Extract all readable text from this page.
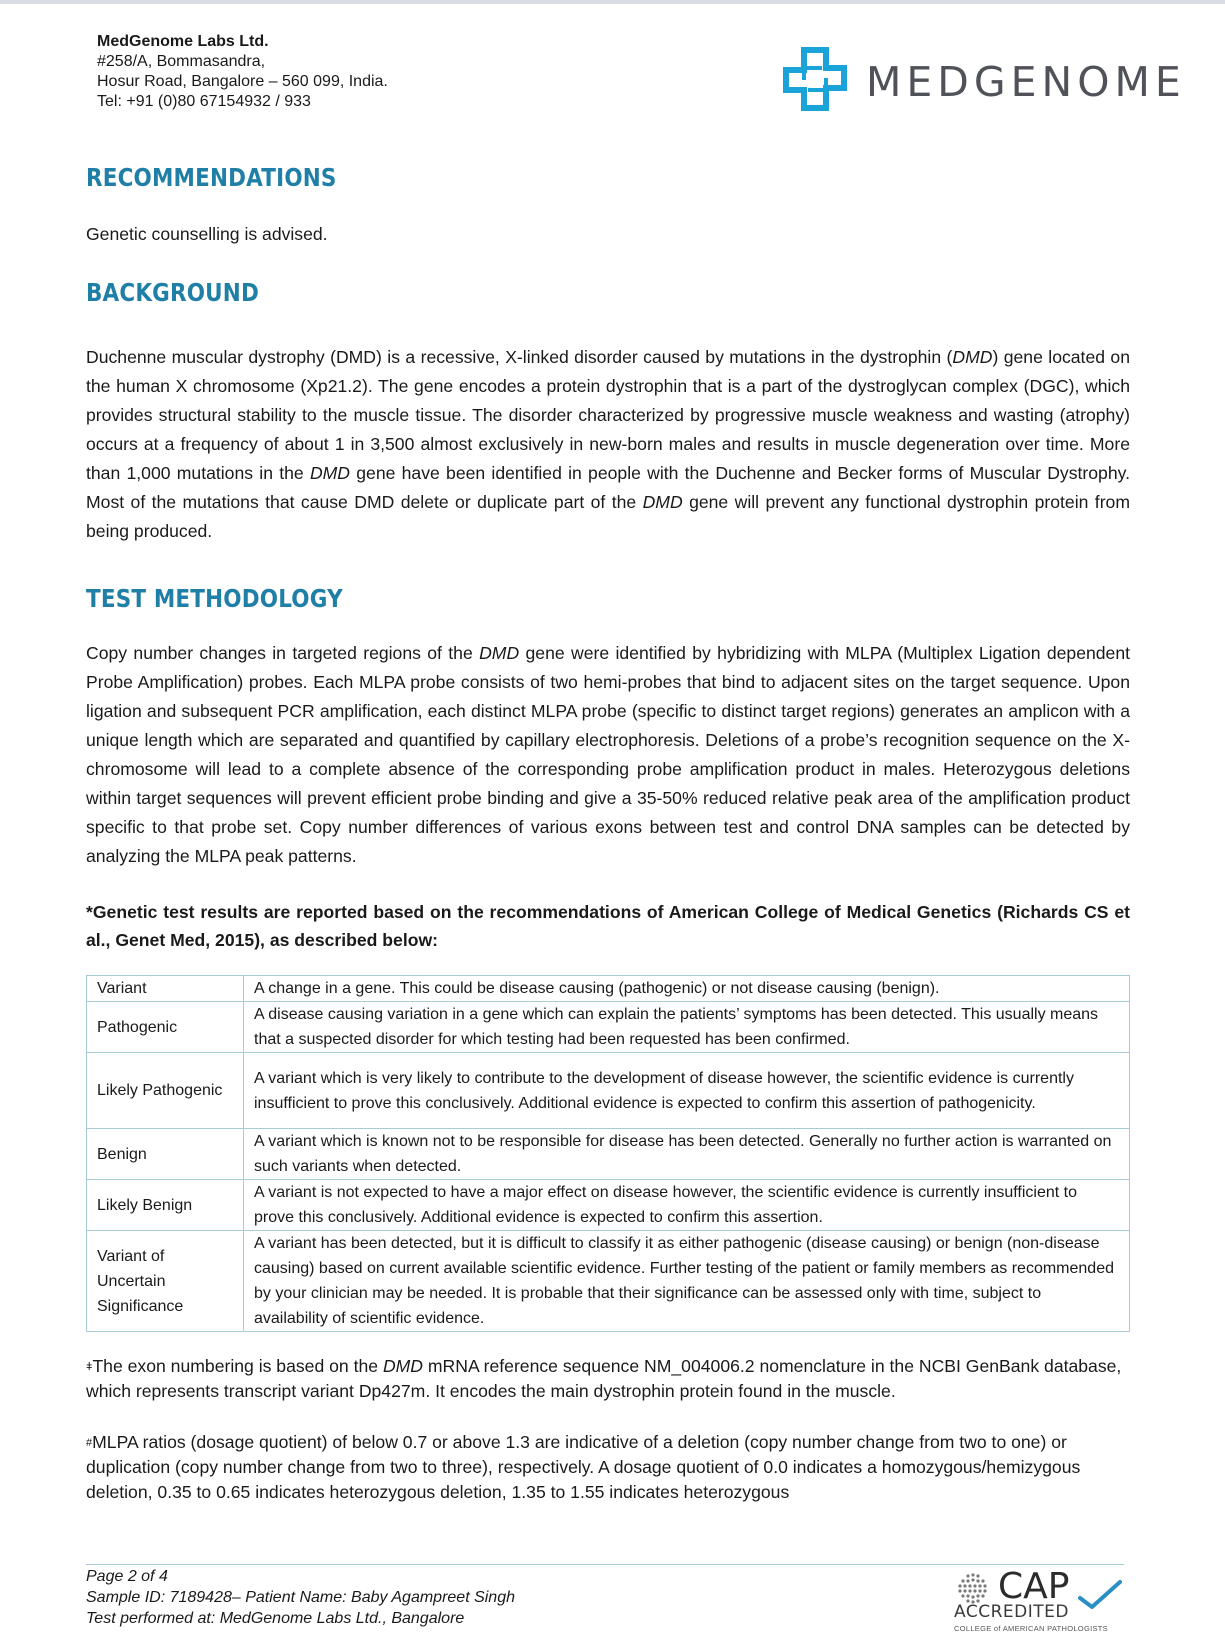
MedGenome Labs Ltd.
#258/A, Bommasandra,
Hosur Road, Bangalore – 560 099, India.
Tel: +91 (0)80 67154932 / 933	MEDGENOME
RECOMMENDATIONS

Genetic counselling is advised.

BACKGROUND

Duchenne muscular dystrophy (DMD) is a recessive, X-linked disorder caused by mutations in the dystrophin (DMD) gene located on the human X chromosome (Xp21.2). The gene encodes a protein dystrophin that is a part of the dystroglycan complex (DGC), which provides structural stability to the muscle tissue. The disorder characterized by progressive muscle weakness and wasting (atrophy) occurs at a frequency of about 1 in 3,500 almost exclusively in new-born males and results in muscle degeneration over time. More than 1,000 mutations in the DMD gene have been identified in people with the Duchenne and Becker forms of Muscular Dystrophy. Most of the mutations that cause DMD delete or duplicate part of the DMD gene will prevent any functional dystrophin protein from being produced.

TEST METHODOLOGY

Copy number changes in targeted regions of the DMD gene were identified by hybridizing with MLPA (Multiplex Ligation dependent Probe Amplification) probes. Each MLPA probe consists of two hemi-probes that bind to adjacent sites on the target sequence. Upon ligation and subsequent PCR amplification, each distinct MLPA probe (specific to distinct target regions) generates an amplicon with a unique length which are separated and quantified by capillary electrophoresis. Deletions of a probe’s recognition sequence on the X-chromosome will lead to a complete absence of the corresponding probe amplification product in males. Heterozygous deletions within target sequences will prevent efficient probe binding and give a 35-50% reduced relative peak area of the amplification product specific to that probe set. Copy number differences of various exons between test and control DNA samples can be detected by analyzing the MLPA peak patterns.

*Genetic test results are reported based on the recommendations of American College of Medical Genetics (Richards CS et al., Genet Med, 2015), as described below:

Variant	A change in a gene. This could be disease causing (pathogenic) or not disease causing (benign).
Pathogenic	A disease causing variation in a gene which can explain the patients’ symptoms has been detected. This usually means that a suspected disorder for which testing had been requested has been confirmed.
Likely Pathogenic	A variant which is very likely to contribute to the development of disease however, the scientific evidence is currently insufficient to prove this conclusively. Additional evidence is expected to confirm this assertion of pathogenicity.
Benign	A variant which is known not to be responsible for disease has been detected. Generally no further action is warranted on such variants when detected.
Likely Benign	A variant is not expected to have a major effect on disease however, the scientific evidence is currently insufficient to prove this conclusively. Additional evidence is expected to confirm this assertion.
Variant of Uncertain Significance	A variant has been detected, but it is difficult to classify it as either pathogenic (disease causing) or benign (non-disease causing) based on current available scientific evidence. Further testing of the patient or family members as recommended by your clinician may be needed. It is probable that their significance can be assessed only with time, subject to availability of scientific evidence.
$^ǂ$The exon numbering is based on the DMD mRNA reference sequence NM_004006.2 nomenclature in the NCBI GenBank database, which represents transcript variant Dp427m. It encodes the main dystrophin protein found in the muscle.
#MLPA ratios (dosage quotient) of below 0.7 or above 1.3 are indicative of a deletion (copy number change from two to one) or duplication (copy number change from two to three), respectively. A dosage quotient of 0.0 indicates a homozygous/hemizygous deletion, 0.35 to 0.65 indicates heterozygous deletion, 1.35 to 1.55 indicates heterozygous
Page 2 of 4
Sample ID: 7189428– Patient Name: Baby Agampreet Singh
Test performed at: MedGenome Labs Ltd., Bangalore
CAP
ACCREDITED
COLLEGE of AMERICAN PATHOLOGISTS
